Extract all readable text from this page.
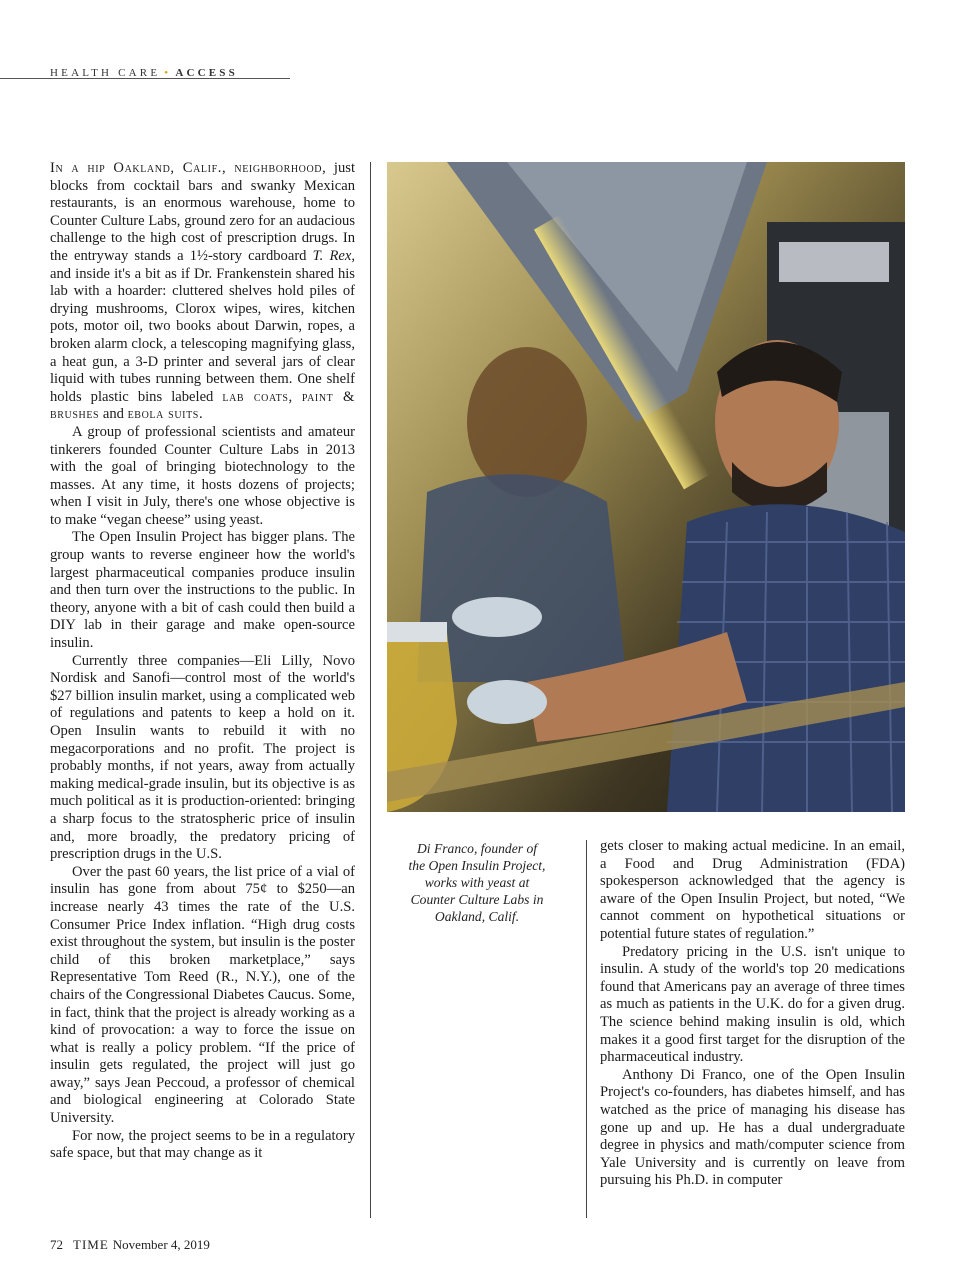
HEALTH CARE • ACCESS

In a hip Oakland, Calif., neighborhood, just blocks from cocktail bars and swanky Mexican restaurants, is an enormous warehouse, home to Counter Culture Labs, ground zero for an audacious challenge to the high cost of prescription drugs. In the entryway stands a 1½-story cardboard T. Rex, and inside it's a bit as if Dr. Frankenstein shared his lab with a hoarder: cluttered shelves hold piles of drying mushrooms, Clorox wipes, wires, kitchen pots, motor oil, two books about Darwin, ropes, a broken alarm clock, a telescoping magnifying glass, a heat gun, a 3-D printer and several jars of clear liquid with tubes running between them. One shelf holds plastic bins labeled lab coats, paint & brushes and ebola suits.

A group of professional scientists and amateur tinkerers founded Counter Culture Labs in 2013 with the goal of bringing biotechnology to the masses. At any time, it hosts dozens of projects; when I visit in July, there's one whose objective is to make “vegan cheese” using yeast.

The Open Insulin Project has bigger plans. The group wants to reverse engineer how the world's largest pharmaceutical companies produce insulin and then turn over the instructions to the public. In theory, anyone with a bit of cash could then build a DIY lab in their garage and make open-source insulin.

Currently three companies—Eli Lilly, Novo Nordisk and Sanofi—control most of the world's $27 billion insulin market, using a complicated web of regulations and patents to keep a hold on it. Open Insulin wants to rebuild it with no megacorporations and no profit. The project is probably months, if not years, away from actually making medical-grade insulin, but its objective is as much political as it is production-oriented: bringing a sharp focus to the stratospheric price of insulin and, more broadly, the predatory pricing of prescription drugs in the U.S.

Over the past 60 years, the list price of a vial of insulin has gone from about 75¢ to $250—an increase nearly 43 times the rate of the U.S. Consumer Price Index inflation. “High drug costs exist throughout the system, but insulin is the poster child of this broken marketplace,” says Representative Tom Reed (R., N.Y.), one of the chairs of the Congressional Diabetes Caucus. Some, in fact, think that the project is already working as a kind of provocation: a way to force the issue on what is really a policy problem. “If the price of insulin gets regulated, the project will just go away,” says Jean Peccoud, a professor of chemical and biological engineering at Colorado State University.

For now, the project seems to be in a regulatory safe space, but that may change as it

Di Franco, founder of the Open Insulin Project, works with yeast at Counter Culture Labs in Oakland, Calif.

gets closer to making actual medicine. In an email, a Food and Drug Administration (FDA) spokesperson acknowledged that the agency is aware of the Open Insulin Project, but noted, “We cannot comment on hypothetical situations or potential future states of regulation.”

Predatory pricing in the U.S. isn't unique to insulin. A study of the world's top 20 medications found that Americans pay an average of three times as much as patients in the U.K. do for a given drug. The science behind making insulin is old, which makes it a good first target for the disruption of the pharmaceutical industry.

Anthony Di Franco, one of the Open Insulin Project's co-founders, has diabetes himself, and has watched as the price of managing his disease has gone up and up. He has a dual undergraduate degree in physics and math/computer science from Yale University and is currently on leave from pursuing his Ph.D. in computer

72 TIME November 4, 2019
